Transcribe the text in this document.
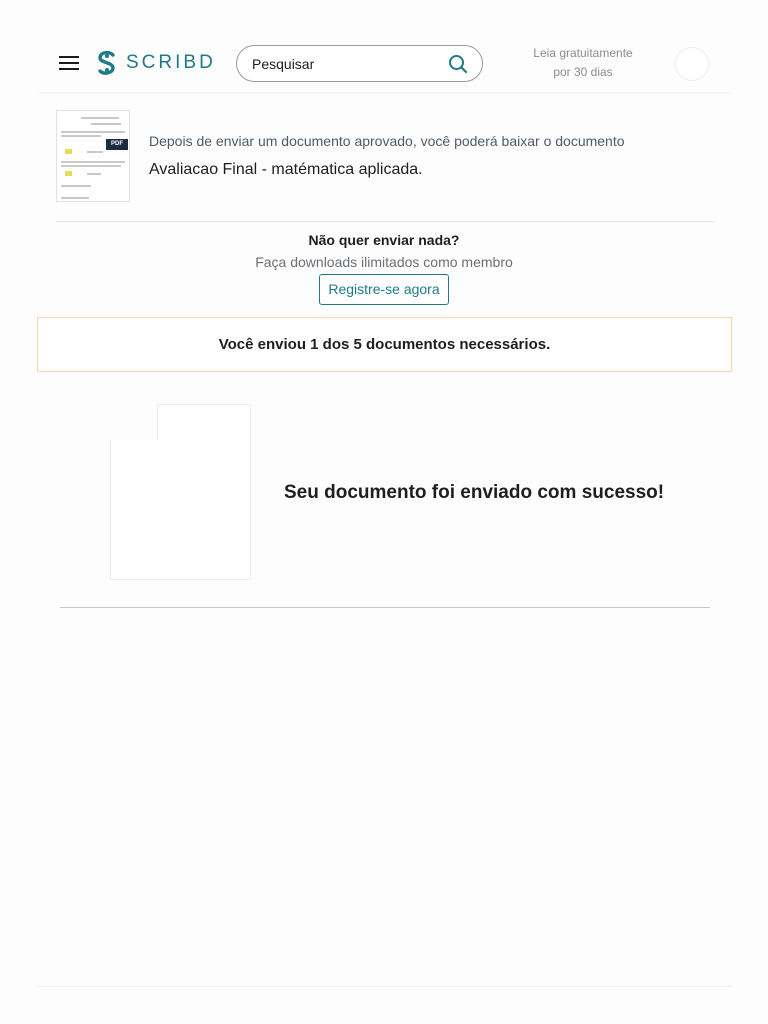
SCRIBD	Pesquisar
Leia gratuitamente
por 30 dias
PDF	Depois de enviar um documento aprovado, você poderá baixar o documento
Avaliacao Final - matématica aplicada.
Não quer enviar nada?
Faça downloads ilimitados como membro
Registre-se agora
Você enviou 1 dos 5 documentos necessários.
Seu documento foi enviado com sucesso!
